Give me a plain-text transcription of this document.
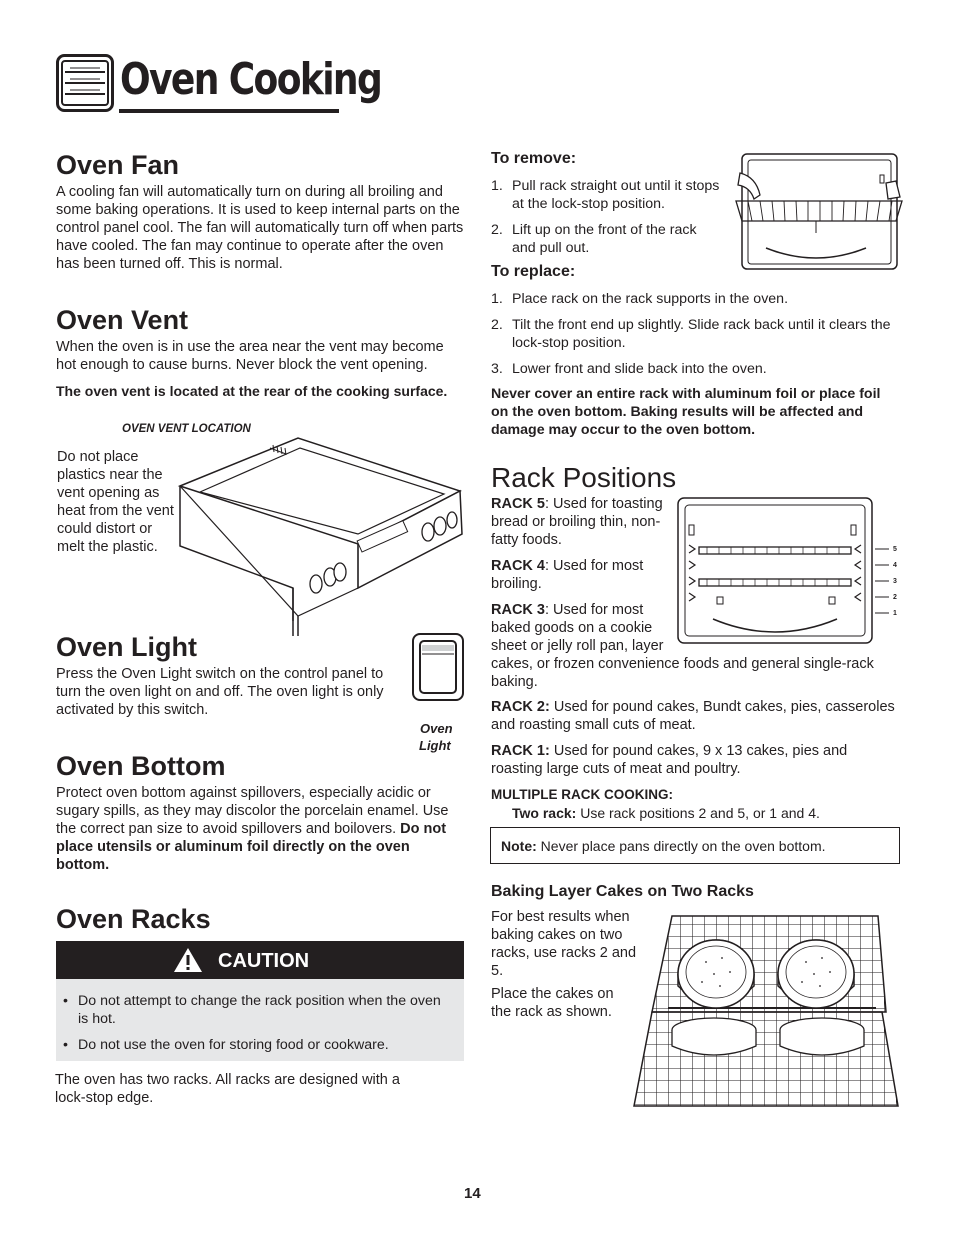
Oven Cooking
Oven Fan

A cooling fan will automatically turn on during all broiling and some baking operations. It is used to keep internal parts on the control panel cool. The fan will automatically turn off when parts have cooled. The fan may continue to operate after the oven has been turned off. This is normal.

Oven Vent

When the oven is in use the area near the vent may become hot enough to cause burns. Never block the vent opening.

The oven vent is located at the rear of the cooking surface.

OVEN VENT LOCATION

Do not place plastics near the vent opening as heat from the vent could distort or melt the plastic.

Oven Light

Press the Oven Light switch on the control panel to turn the oven light on and off. The oven light is only activated by this switch.

Oven
Light
Oven Bottom

Protect oven bottom against spillovers, especially acidic or sugary spills, as they may discolor the porcelain enamel. Use the correct pan size to avoid spillovers and boilovers. Do not place utensils or aluminum foil directly on the oven bottom.

Oven Racks
CAUTION
• Do not attempt to change the rack position when the oven is hot.
• Do not use the oven for storing food or cookware.

The oven has two racks. All racks are designed with a lock-stop edge.

To remove:
1. Pull rack straight out until it stops at the lock-stop position.
2. Lift up on the front of the rack and pull out.
To replace:
1. Place rack on the rack supports in the oven.
2. Tilt the front end up slightly. Slide rack back until it clears the lock-stop position.
3. Lower front and slide back into the oven.

Never cover an entire rack with aluminum foil or place foil on the oven bottom. Baking results will be affected and damage may occur to the oven bottom.

Rack Positions

RACK 5: Used for toasting bread or broiling thin, non-fatty foods.

RACK 4: Used for most broiling.

RACK 3: Used for most baked goods on a cookie sheet or jelly roll pan, layer

cakes, or frozen convenience foods and general single-rack baking.

RACK 2: Used for pound cakes, Bundt cakes, pies, casseroles and roasting small cuts of meat.

RACK 1: Used for pound cakes, 9 x 13 cakes, pies and roasting large cuts of meat and poultry.

MULTIPLE RACK COOKING:

Two rack: Use rack positions 2 and 5, or 1 and 4.

Note: Never place pans directly on the oven bottom.

5
4
3
2
1
Baking Layer Cakes on Two Racks

For best results when baking cakes on two racks, use racks 2 and 5.

Place the cakes on the rack as shown.

14
